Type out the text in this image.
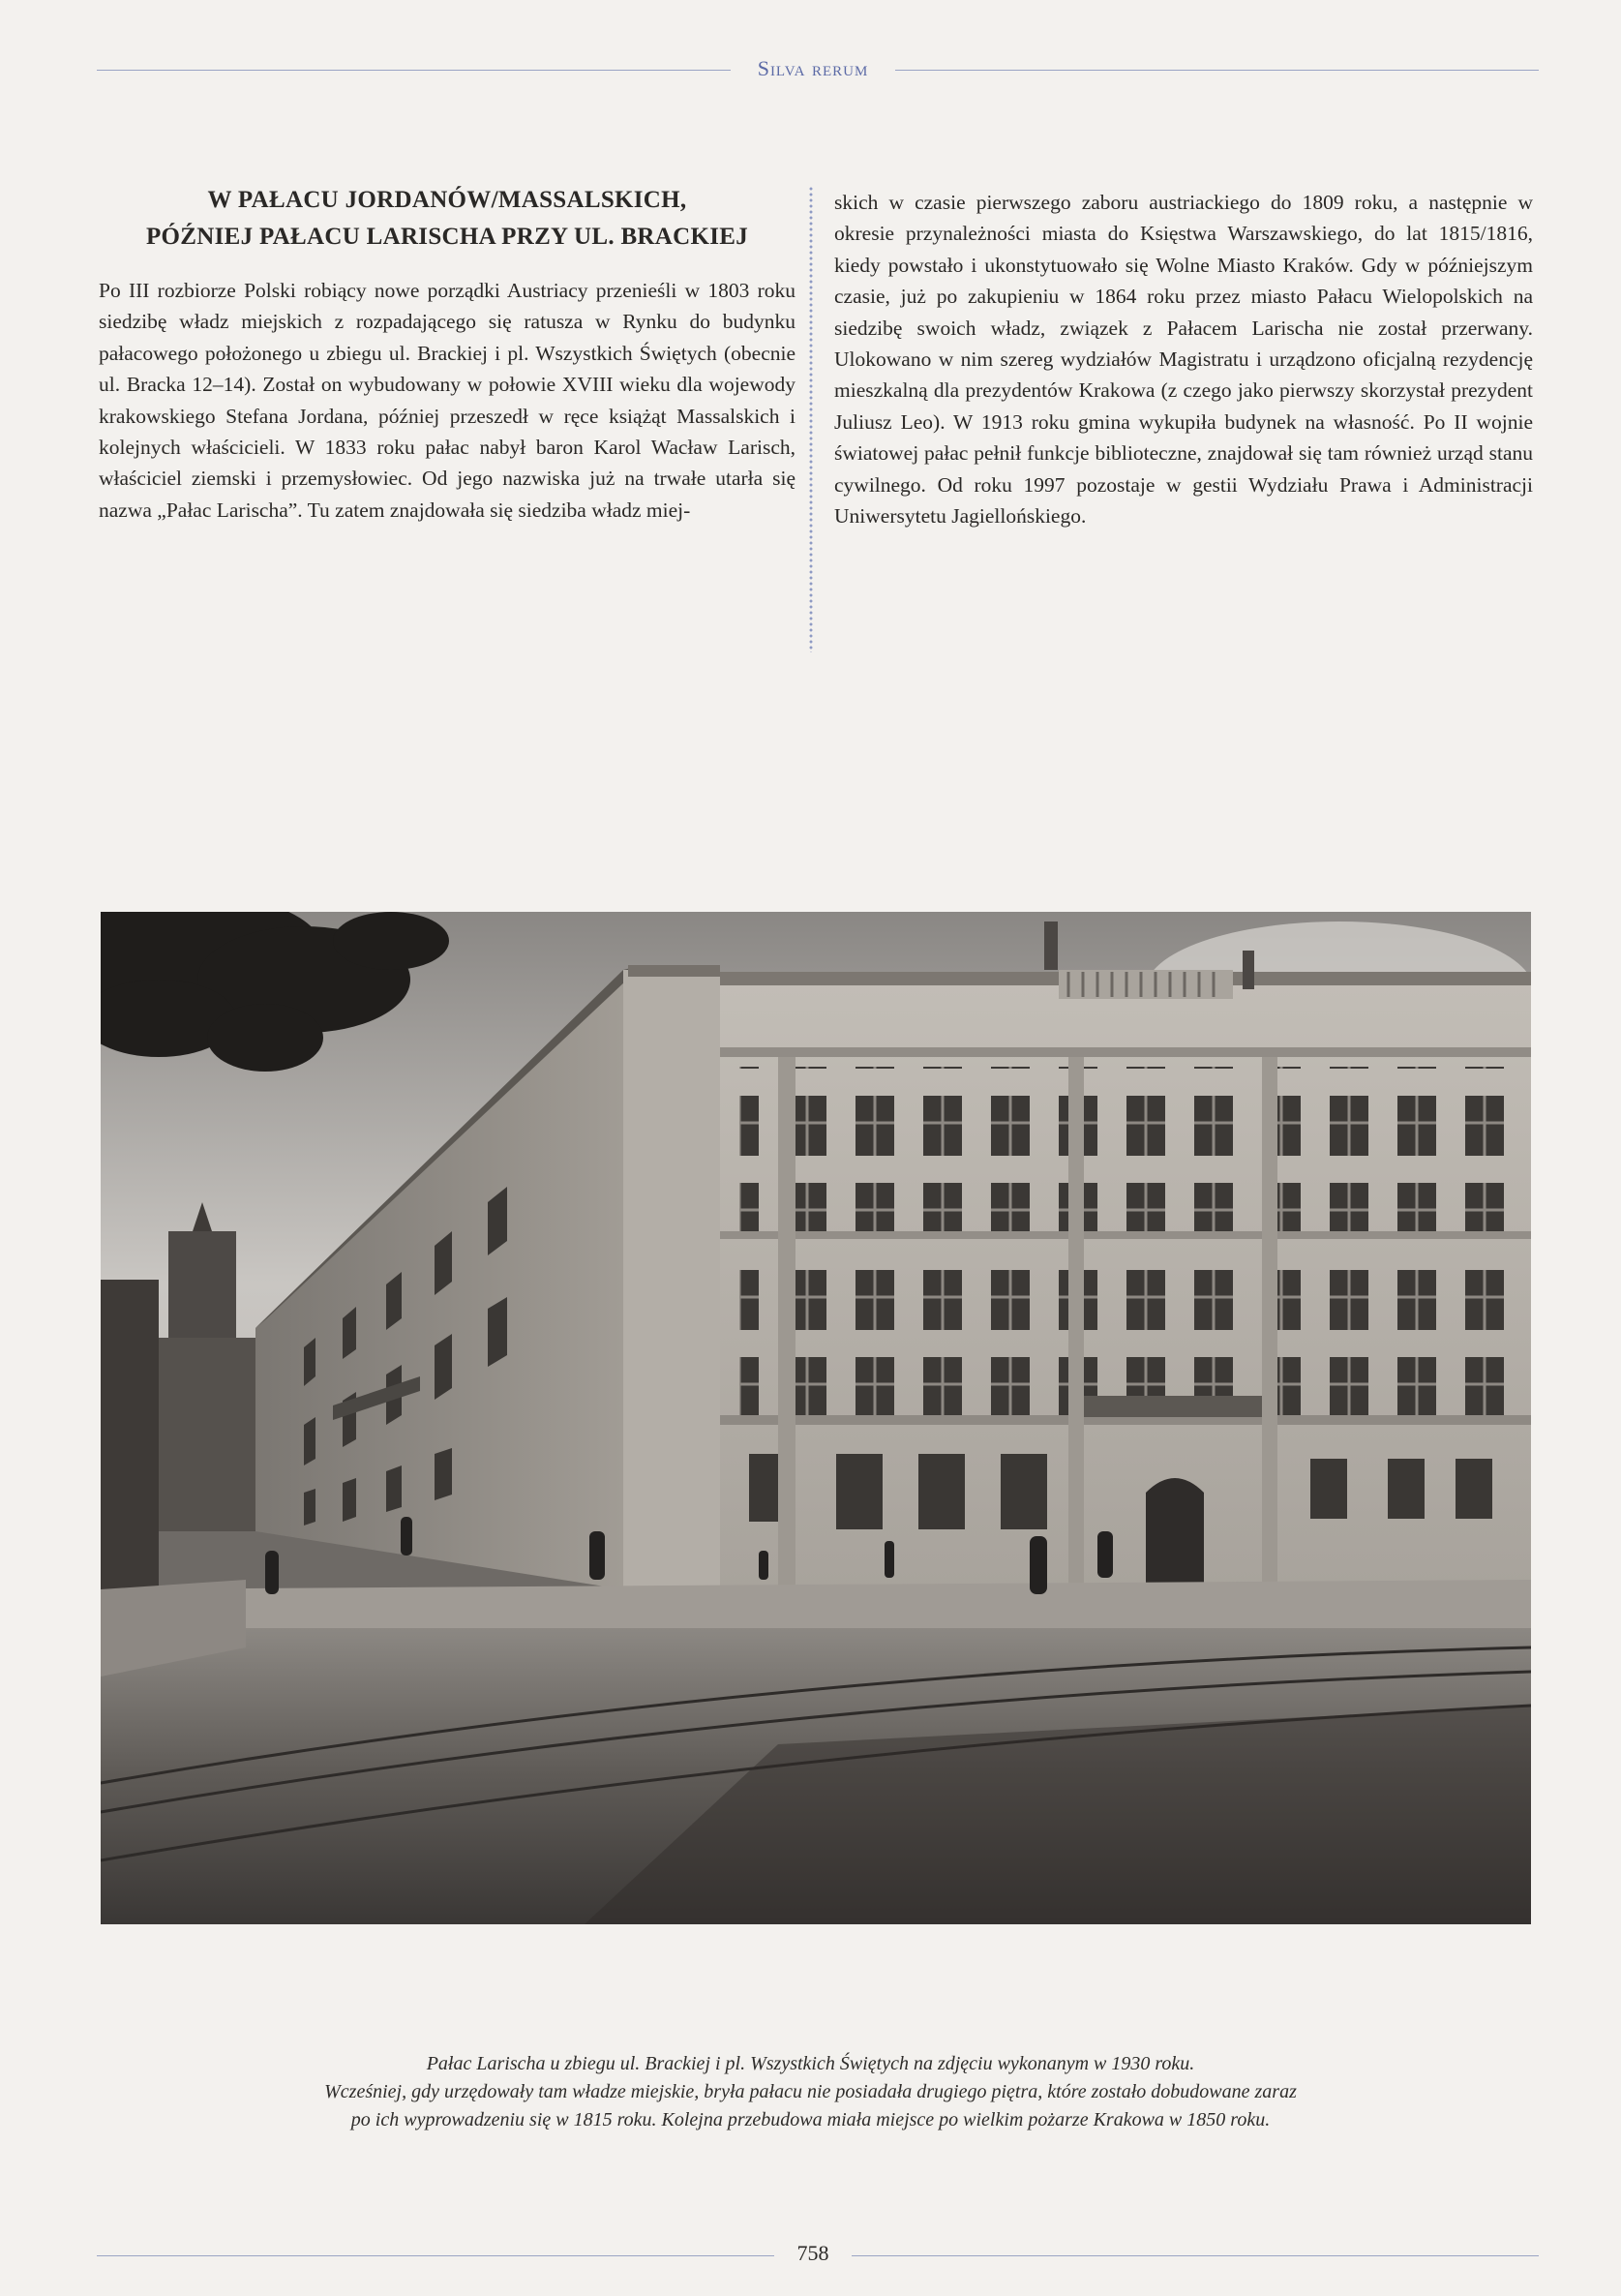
Silva rerum
W PAŁACU JORDANÓW/MASSALSKICH,
PÓŹNIEJ PAŁACU LARISCHA PRZY UL. BRACKIEJ

Po III rozbiorze Polski robiący nowe porządki Austriacy przenieśli w 1803 roku siedzibę władz miejskich z rozpadającego się ratusza w Rynku do budynku pałacowego położonego u zbiegu ul. Brackiej i pl. Wszystkich Świętych (obecnie ul. Bracka 12–14). Został on wybudowany w połowie XVIII wieku dla wojewody krakowskiego Stefana Jordana, później przeszedł w ręce książąt Massalskich i kolejnych właścicieli. W 1833 roku pałac nabył baron Karol Wacław Larisch, właściciel ziemski i przemysłowiec. Od jego nazwiska już na trwałe utarła się nazwa „Pałac Larischa”. Tu zatem znajdowała się siedziba władz miej-

skich w czasie pierwszego zaboru austriackiego do 1809 roku, a następnie w okresie przynależności miasta do Księstwa Warszawskiego, do lat 1815/1816, kiedy powstało i ukonstytuowało się Wolne Miasto Kraków. Gdy w późniejszym czasie, już po zakupieniu w 1864 roku przez miasto Pałacu Wielopolskich na siedzibę swoich władz, związek z Pałacem Larischa nie został przerwany. Ulokowano w nim szereg wydziałów Magistratu i urządzono oficjalną rezydencję mieszkalną dla prezydentów Krakowa (z czego jako pierwszy skorzystał prezydent Juliusz Leo). W 1913 roku gmina wykupiła budynek na własność. Po II wojnie światowej pałac pełnił funkcje biblioteczne, znajdował się tam również urząd stanu cywilnego. Od roku 1997 pozostaje w gestii Wydziału Prawa i Administracji Uniwersytetu Jagiellońskiego.

Pałac Larischa u zbiegu ul. Brackiej i pl. Wszystkich Świętych na zdjęciu wykonanym w 1930 roku.
Wcześniej, gdy urzędowały tam władze miejskie, bryła pałacu nie posiadała drugiego piętra, które zostało dobudowane zaraz
po ich wyprowadzeniu się w 1815 roku. Kolejna przebudowa miała miejsce po wielkim pożarze Krakowa w 1850 roku.
758
